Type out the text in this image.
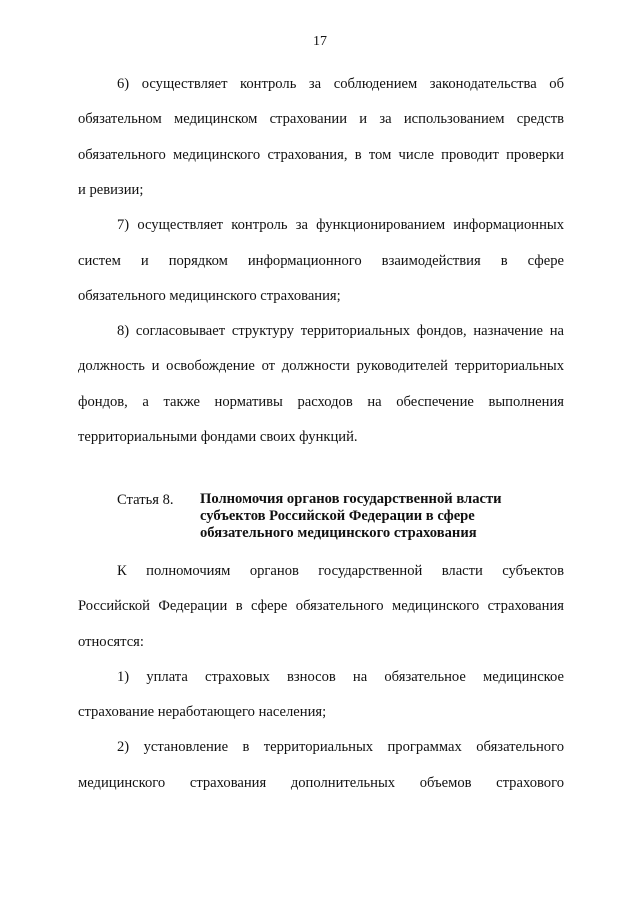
17
6) осуществляет контроль за соблюдением законодательства об
обязательном медицинском страховании и за использованием средств
обязательного медицинского страхования, в том числе проводит проверки
и ревизии;
7) осуществляет контроль за функционированием информационных
систем и порядком информационного взаимодействия в сфере
обязательного медицинского страхования;
8) согласовывает структуру территориальных фондов, назначение на
должность и освобождение от должности руководителей территориальных
фондов, а также нормативы расходов на обеспечение выполнения
территориальными фондами своих функций.
Статья 8. Полномочия органов государственной власти
субъектов Российской Федерации в сфере
обязательного медицинского страхования
К полномочиям органов государственной власти субъектов
Российской Федерации в сфере обязательного медицинского страхования
относятся:
1) уплата страховых взносов на обязательное медицинское
страхование неработающего населения;
2) установление в территориальных программах обязательного
медицинского страхования дополнительных объемов страхового
